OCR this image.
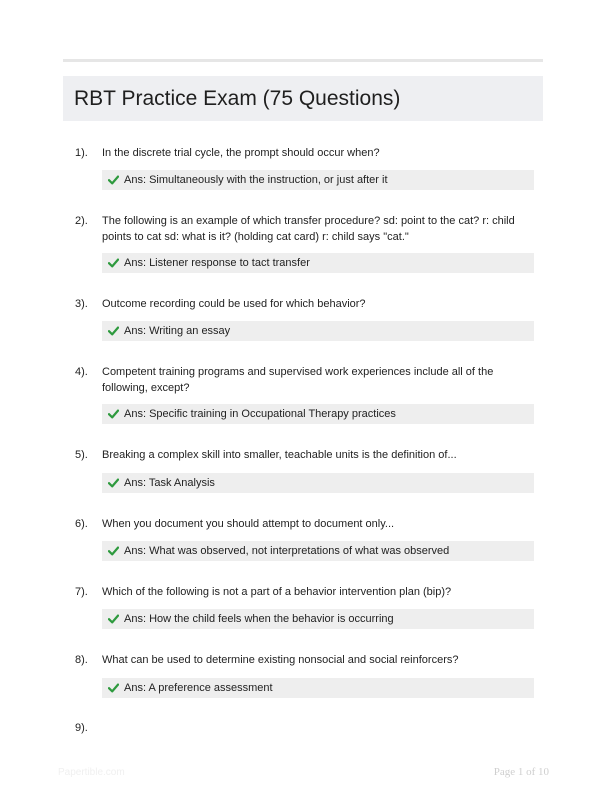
RBT Practice Exam (75 Questions)
1). In the discrete trial cycle, the prompt should occur when?
Ans: Simultaneously with the instruction, or just after it
2). The following is an example of which transfer procedure? sd: point to the cat? r: child points to cat sd: what is it? (holding cat card) r: child says "cat."
Ans: Listener response to tact transfer
3). Outcome recording could be used for which behavior?
Ans: Writing an essay
4). Competent training programs and supervised work experiences include all of the following, except?
Ans: Specific training in Occupational Therapy practices
5). Breaking a complex skill into smaller, teachable units is the definition of...
Ans: Task Analysis
6). When you document you should attempt to document only...
Ans: What was observed, not interpretations of what was observed
7). Which of the following is not a part of a behavior intervention plan (bip)?
Ans: How the child feels when the behavior is occurring
8). What can be used to determine existing nonsocial and social reinforcers?
Ans: A preference assessment
9).
Papertible.com	Page 1 of 10
